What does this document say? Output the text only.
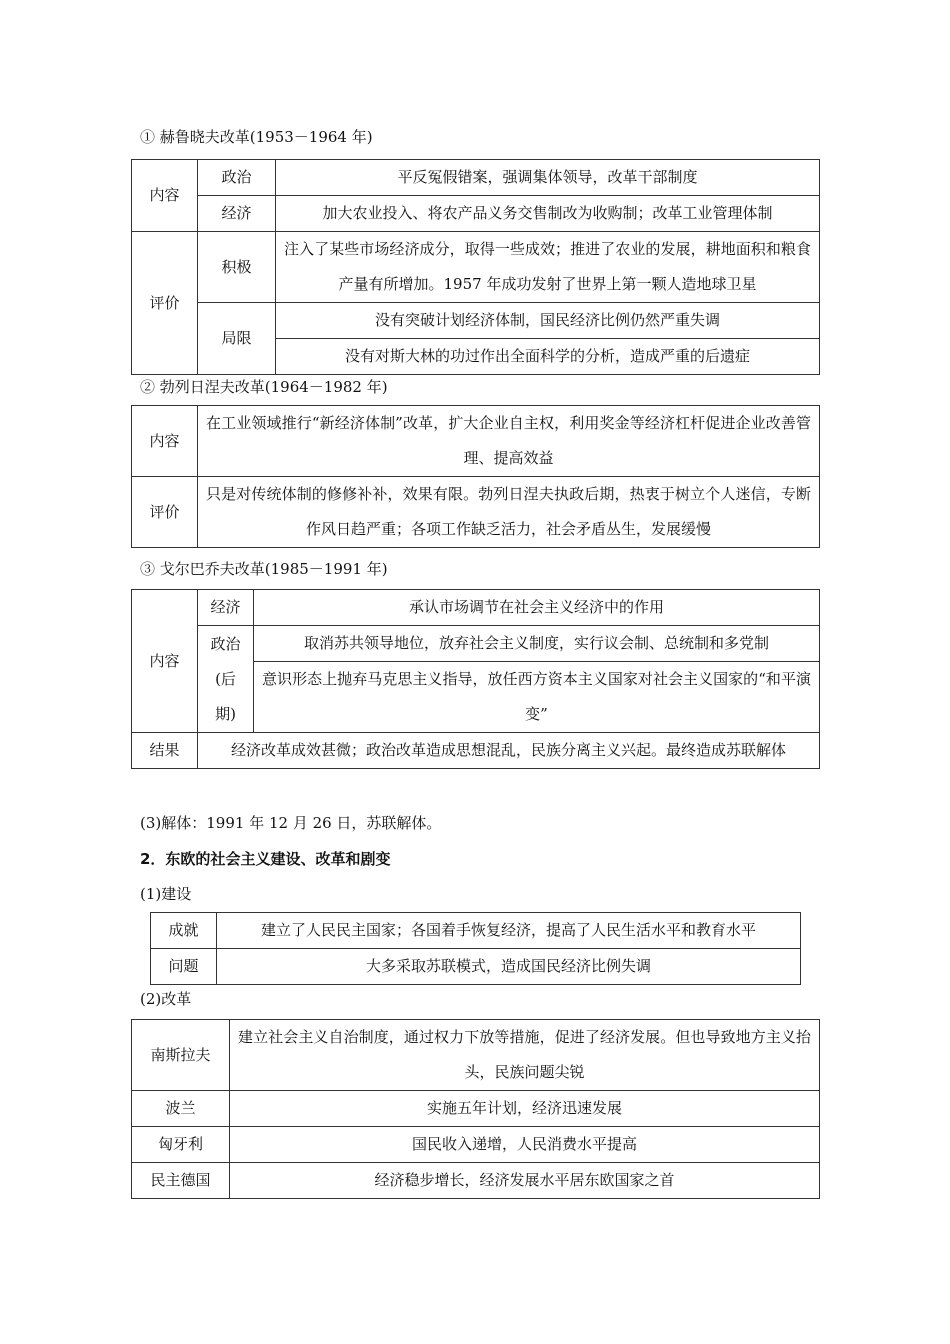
① 赫鲁晓夫改革(1953－1964 年)
内容	政治	平反冤假错案，强调集体领导，改革干部制度
	经济	加大农业投入、将农产品义务交售制改为收购制；改革工业管理体制
评价	积极	注入了某些市场经济成分，取得一些成效；推进了农业的发展，耕地面积和粮食产量有所增加。1957 年成功发射了世界上第一颗人造地球卫星
	局限	没有突破计划经济体制，国民经济比例仍然严重失调
		没有对斯大林的功过作出全面科学的分析，造成严重的后遗症
② 勃列日涅夫改革(1964－1982 年)
内容	在工业领域推行“新经济体制”改革，扩大企业自主权，利用奖金等经济杠杆促进企业改善管理、提高效益
评价	只是对传统体制的修修补补，效果有限。勃列日涅夫执政后期，热衷于树立个人迷信，专断作风日趋严重；各项工作缺乏活力，社会矛盾丛生，发展缓慢
③ 戈尔巴乔夫改革(1985－1991 年)
内容	经济	承认市场调节在社会主义经济中的作用
	政治(后期)	取消苏共领导地位，放弃社会主义制度，实行议会制、总统制和多党制
		意识形态上抛弃马克思主义指导，放任西方资本主义国家对社会主义国家的“和平演变”
结果	经济改革成效甚微；政治改革造成思想混乱，民族分离主义兴起。最终造成苏联解体	
(3)解体：1991 年 12 月 26 日，苏联解体。
2．东欧的社会主义建设、改革和剧变
(1)建设
成就	建立了人民民主国家；各国着手恢复经济，提高了人民生活水平和教育水平
问题	大多采取苏联模式，造成国民经济比例失调
(2)改革
南斯拉夫	建立社会主义自治制度，通过权力下放等措施，促进了经济发展。但也导致地方主义抬头，民族问题尖锐
波兰	实施五年计划，经济迅速发展
匈牙利	国民收入递增，人民消费水平提高
民主德国	经济稳步增长，经济发展水平居东欧国家之首
